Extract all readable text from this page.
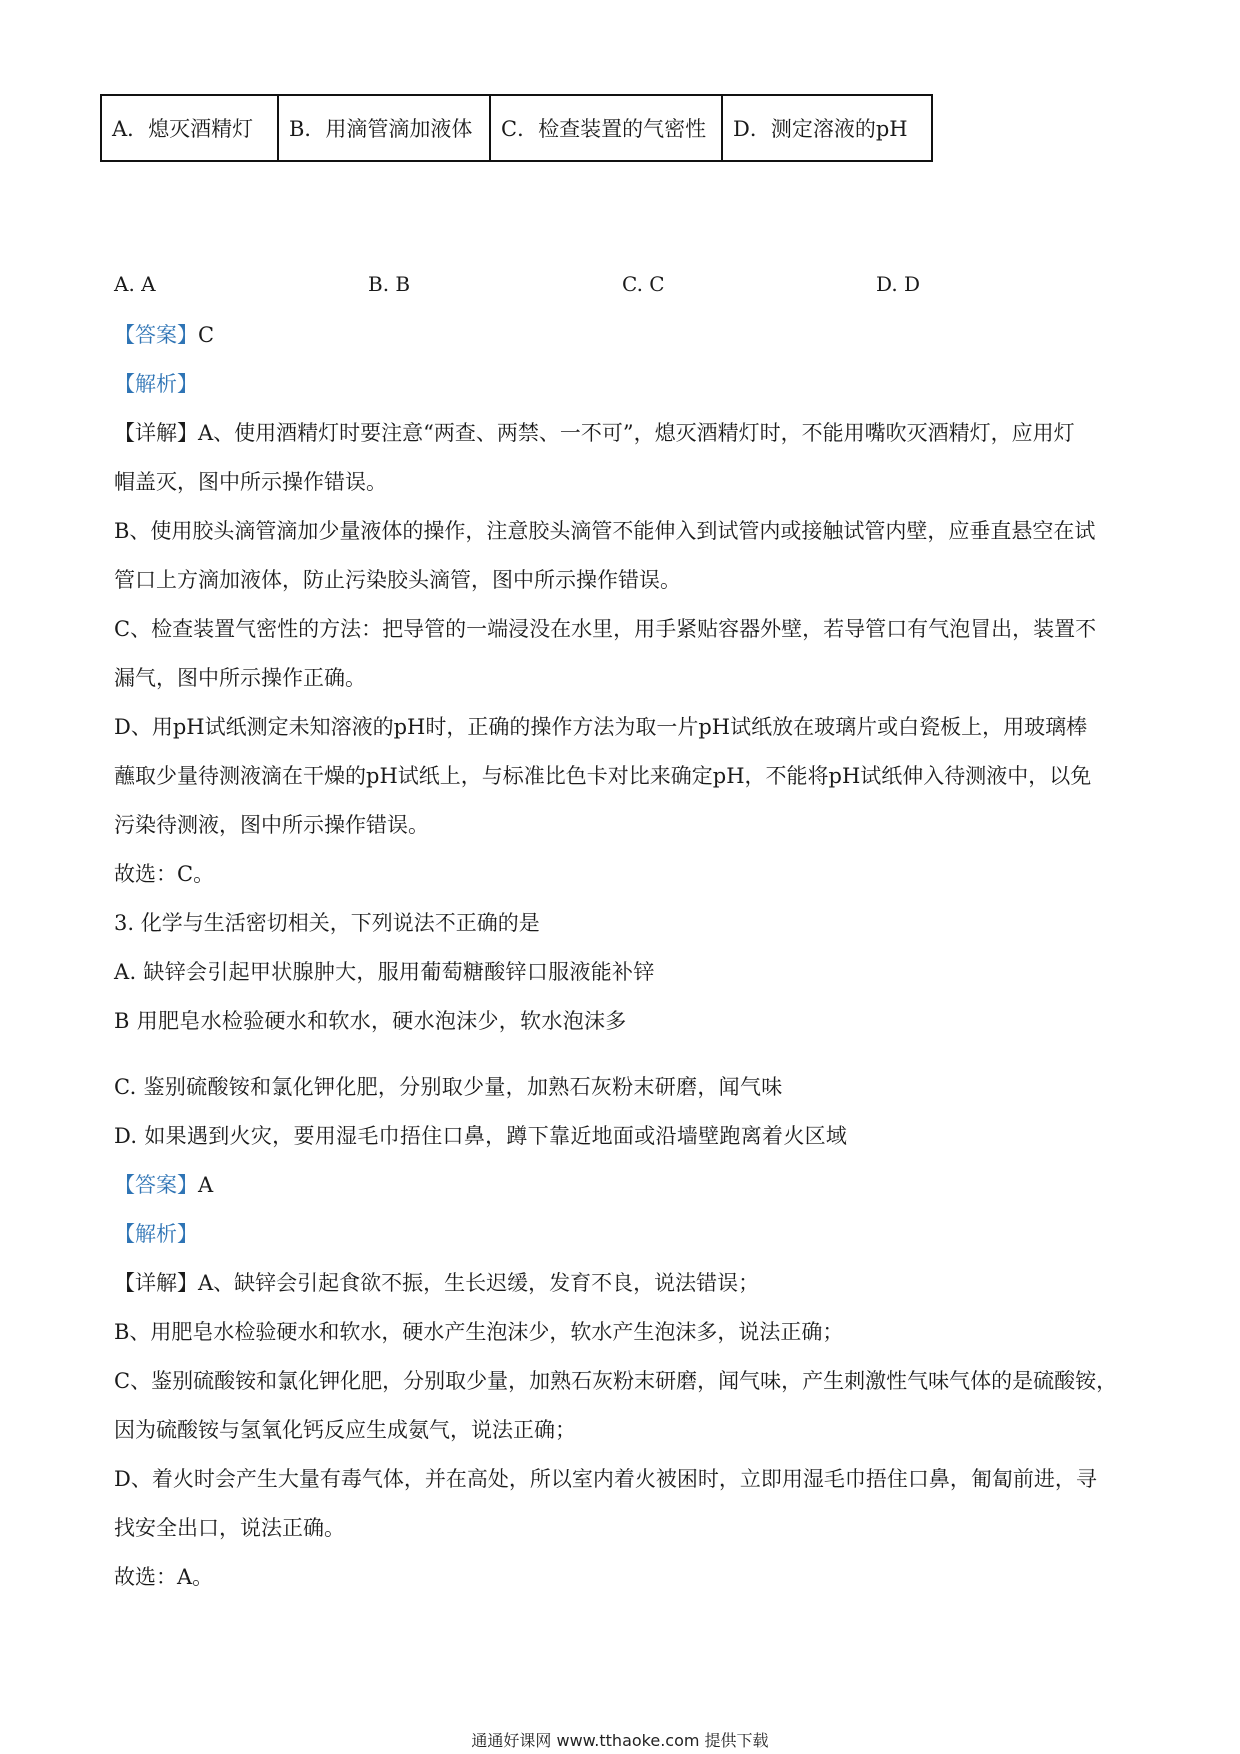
A．熄灭酒精灯	B．用滴管滴加液体	C．检查装置的气密性	D．测定溶液的pH
A. A	B. B	C. C	D. D
【答案】C
【解析】
【详解】A、使用酒精灯时要注意“两查、两禁、一不可”，熄灭酒精灯时，不能用嘴吹灭酒精灯，应用灯
帽盖灭，图中所示操作错误。
B、使用胶头滴管滴加少量液体的操作，注意胶头滴管不能伸入到试管内或接触试管内壁，应垂直悬空在试
管口上方滴加液体，防止污染胶头滴管，图中所示操作错误。
C、检查装置气密性的方法：把导管的一端浸没在水里，用手紧贴容器外壁，若导管口有气泡冒出，装置不
漏气，图中所示操作正确。
D、用pH试纸测定未知溶液的pH时，正确的操作方法为取一片pH试纸放在玻璃片或白瓷板上，用玻璃棒
蘸取少量待测液滴在干燥的pH试纸上，与标准比色卡对比来确定pH，不能将pH试纸伸入待测液中，以免
污染待测液，图中所示操作错误。
故选：C。
3. 化学与生活密切相关，下列说法不正确的是
A. 缺锌会引起甲状腺肿大，服用葡萄糖酸锌口服液能补锌
B 用肥皂水检验硬水和软水，硬水泡沫少，软水泡沫多
C. 鉴别硫酸铵和氯化钾化肥，分别取少量，加熟石灰粉末研磨，闻气味
D. 如果遇到火灾，要用湿毛巾捂住口鼻，蹲下靠近地面或沿墙壁跑离着火区域
【答案】A
【解析】
【详解】A、缺锌会引起食欲不振，生长迟缓，发育不良，说法错误；
B、用肥皂水检验硬水和软水，硬水产生泡沫少，软水产生泡沫多，说法正确；
C、鉴别硫酸铵和氯化钾化肥，分别取少量，加熟石灰粉末研磨，闻气味，产生刺激性气味气体的是硫酸铵，
因为硫酸铵与氢氧化钙反应生成氨气，说法正确；
D、着火时会产生大量有毒气体，并在高处，所以室内着火被困时，立即用湿毛巾捂住口鼻，匍匐前进，寻
找安全出口，说法正确。
故选：A。
通通好课网 www.tthaoke.com 提供下载
